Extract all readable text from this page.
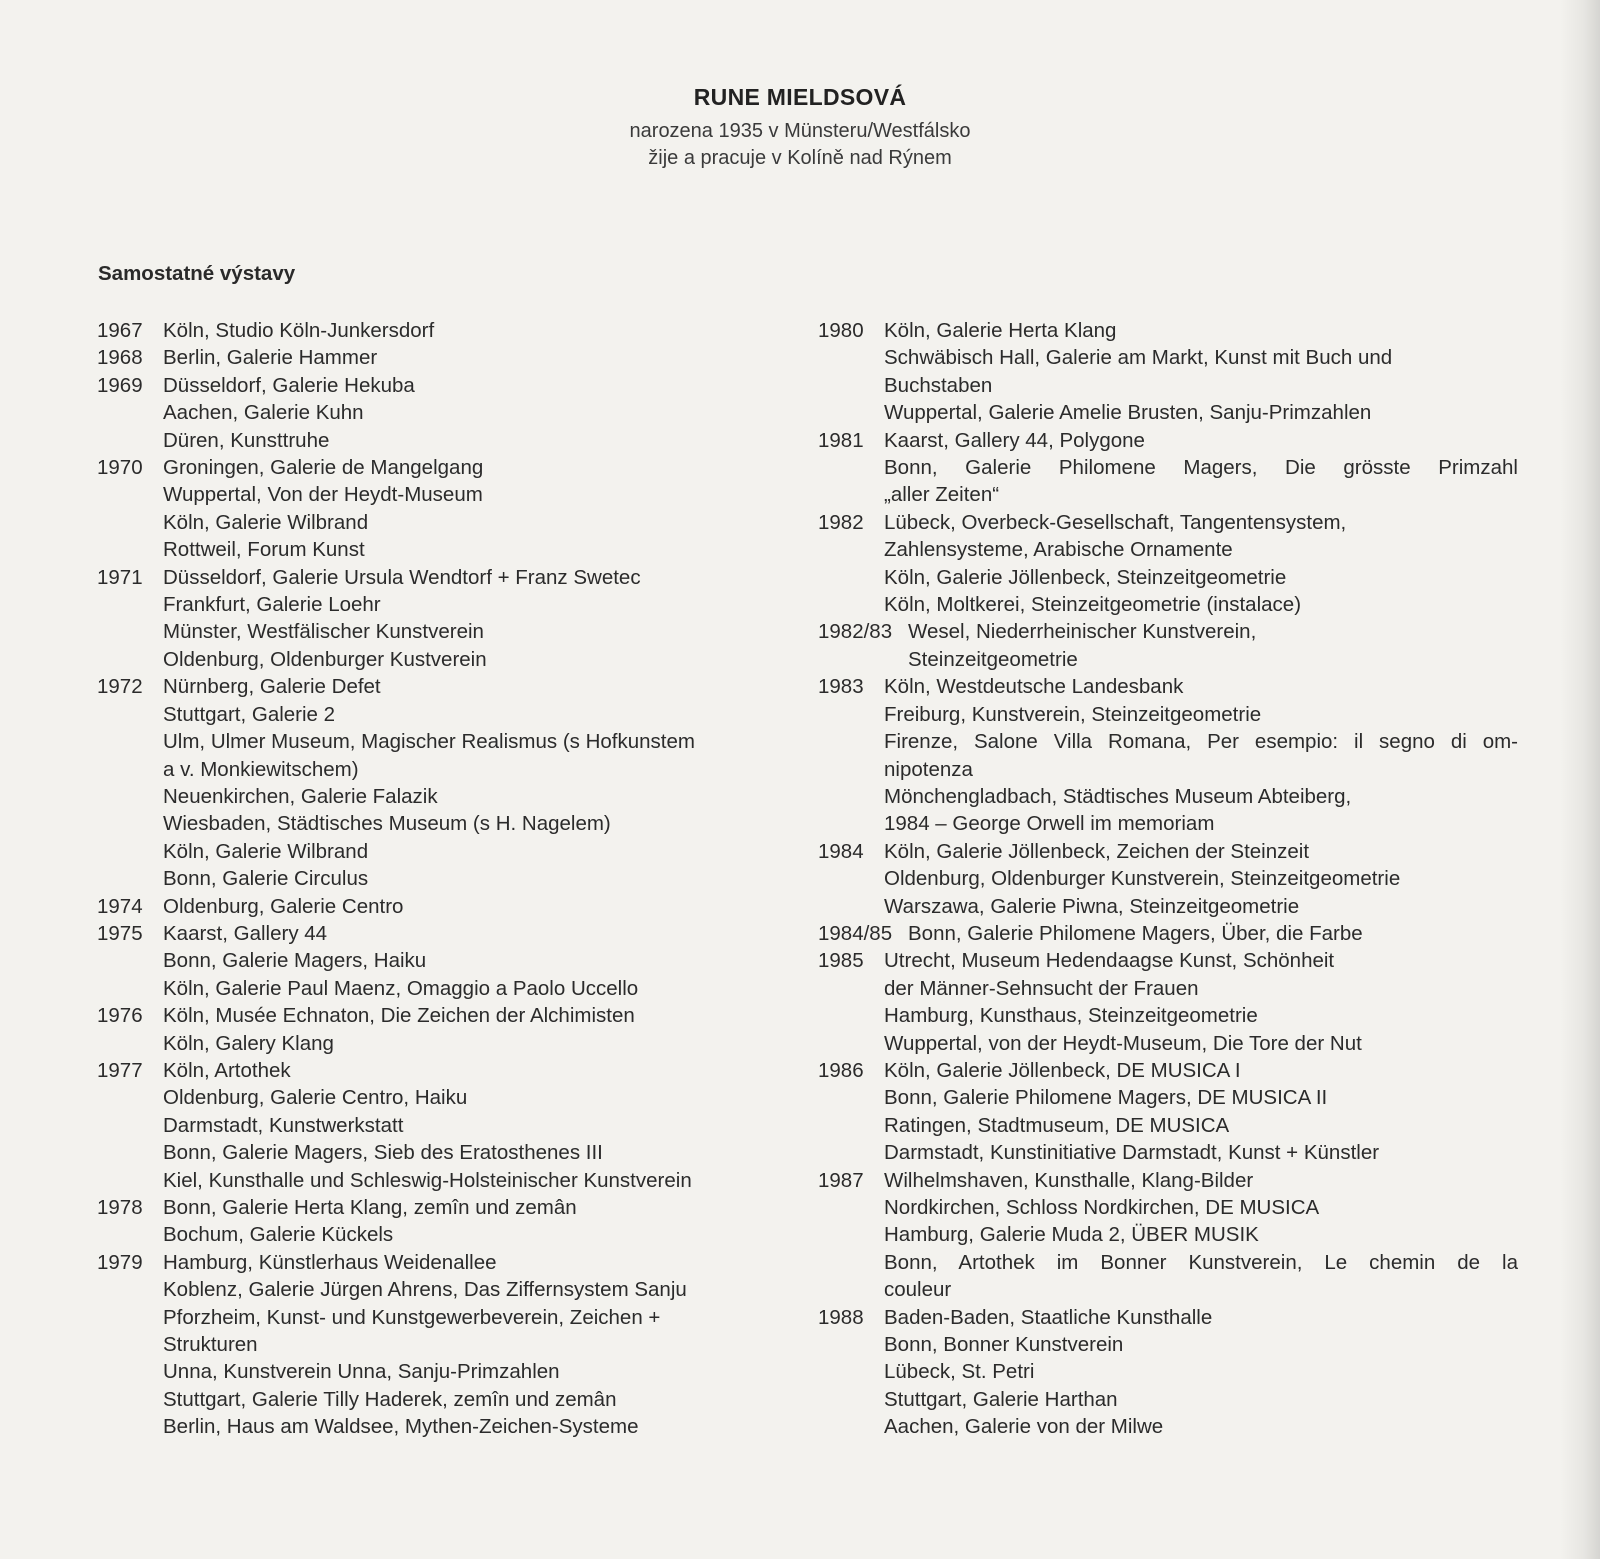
RUNE MIELDSOVÁ

narozena 1935 v Münsteru/Westfálsko

žije a pracuje v Kolíně nad Rýnem

Samostatné výstavy
1967 Köln, Studio Köln-Junkersdorf
1968 Berlin, Galerie Hammer
1969 Düsseldorf, Galerie Hekuba
Aachen, Galerie Kuhn
Düren, Kunsttruhe
1970 Groningen, Galerie de Mangelgang
Wuppertal, Von der Heydt-Museum
Köln, Galerie Wilbrand
Rottweil, Forum Kunst
1971 Düsseldorf, Galerie Ursula Wendtorf + Franz Swetec
Frankfurt, Galerie Loehr
Münster, Westfälischer Kunstverein
Oldenburg, Oldenburger Kustverein
1972 Nürnberg, Galerie Defet
Stuttgart, Galerie 2
Ulm, Ulmer Museum, Magischer Realismus (s Hofkunstem
a v. Monkiewitschem)
Neuenkirchen, Galerie Falazik
Wiesbaden, Städtisches Museum (s H. Nagelem)
Köln, Galerie Wilbrand
Bonn, Galerie Circulus
1974 Oldenburg, Galerie Centro
1975 Kaarst, Gallery 44
Bonn, Galerie Magers, Haiku
Köln, Galerie Paul Maenz, Omaggio a Paolo Uccello
1976 Köln, Musée Echnaton, Die Zeichen der Alchimisten
Köln, Galery Klang
1977 Köln, Artothek
Oldenburg, Galerie Centro, Haiku
Darmstadt, Kunstwerkstatt
Bonn, Galerie Magers, Sieb des Eratosthenes III
Kiel, Kunsthalle und Schleswig-Holsteinischer Kunstverein
1978 Bonn, Galerie Herta Klang, zemîn und zemân
Bochum, Galerie Kückels
1979 Hamburg, Künstlerhaus Weidenallee
Koblenz, Galerie Jürgen Ahrens, Das Ziffernsystem Sanju
Pforzheim, Kunst- und Kunstgewerbeverein, Zeichen +
Strukturen
Unna, Kunstverein Unna, Sanju-Primzahlen
Stuttgart, Galerie Tilly Haderek, zemîn und zemân
Berlin, Haus am Waldsee, Mythen-Zeichen-Systeme
1980 Köln, Galerie Herta Klang
Schwäbisch Hall, Galerie am Markt, Kunst mit Buch und
Buchstaben
Wuppertal, Galerie Amelie Brusten, Sanju-Primzahlen
1981 Kaarst, Gallery 44, Polygone
Bonn, Galerie Philomene Magers, Die grösste Primzahl
„aller Zeiten“
1982 Lübeck, Overbeck-Gesellschaft, Tangentensystem,
Zahlensysteme, Arabische Ornamente
Köln, Galerie Jöllenbeck, Steinzeitgeometrie
Köln, Moltkerei, Steinzeitgeometrie (instalace)
1982/83 Wesel, Niederrheinischer Kunstverein,
Steinzeitgeometrie
1983 Köln, Westdeutsche Landesbank
Freiburg, Kunstverein, Steinzeitgeometrie
Firenze, Salone Villa Romana, Per esempio: il segno di om-
nipotenza
Mönchengladbach, Städtisches Museum Abteiberg,
1984 – George Orwell im memoriam
1984 Köln, Galerie Jöllenbeck, Zeichen der Steinzeit
Oldenburg, Oldenburger Kunstverein, Steinzeitgeometrie
Warszawa, Galerie Piwna, Steinzeitgeometrie
1984/85 Bonn, Galerie Philomene Magers, Über, die Farbe
1985 Utrecht, Museum Hedendaagse Kunst, Schönheit
der Männer-Sehnsucht der Frauen
Hamburg, Kunsthaus, Steinzeitgeometrie
Wuppertal, von der Heydt-Museum, Die Tore der Nut
1986 Köln, Galerie Jöllenbeck, DE MUSICA I
Bonn, Galerie Philomene Magers, DE MUSICA II
Ratingen, Stadtmuseum, DE MUSICA
Darmstadt, Kunstinitiative Darmstadt, Kunst + Künstler
1987 Wilhelmshaven, Kunsthalle, Klang-Bilder
Nordkirchen, Schloss Nordkirchen, DE MUSICA
Hamburg, Galerie Muda 2, ÜBER MUSIK
Bonn, Artothek im Bonner Kunstverein, Le chemin de la
couleur
1988 Baden-Baden, Staatliche Kunsthalle
Bonn, Bonner Kunstverein
Lübeck, St. Petri
Stuttgart, Galerie Harthan
Aachen, Galerie von der Milwe
